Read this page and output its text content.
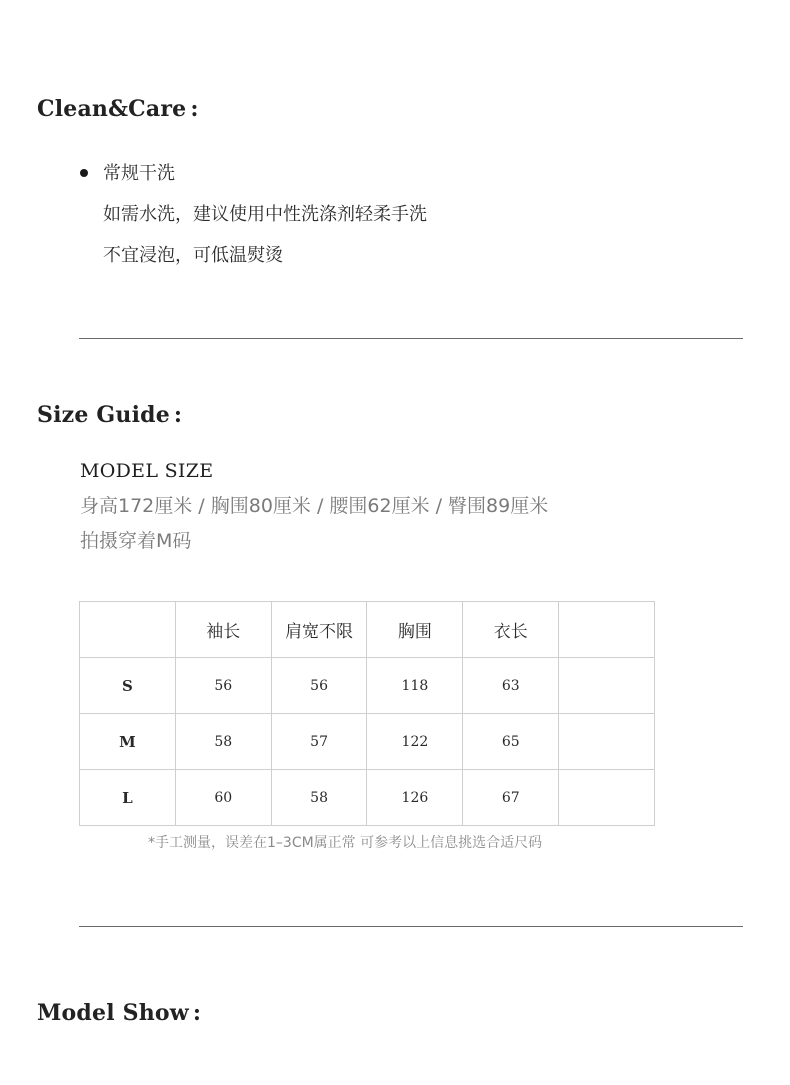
Clean&Care :
常规干洗
如需水洗，建议使用中性洗涤剂轻柔手洗
不宜浸泡，可低温熨烫
Size Guide :
MODEL SIZE
身高172厘米 / 胸围80厘米 / 腰围62厘米 / 臀围89厘米
拍摄穿着M码
	袖长	肩宽不限	胸围	衣长	
S	56	56	118	63	
M	58	57	122	65	
L	60	58	126	67	
*手工测量，误差在1–3CM属正常 可参考以上信息挑选合适尺码
Model Show :
